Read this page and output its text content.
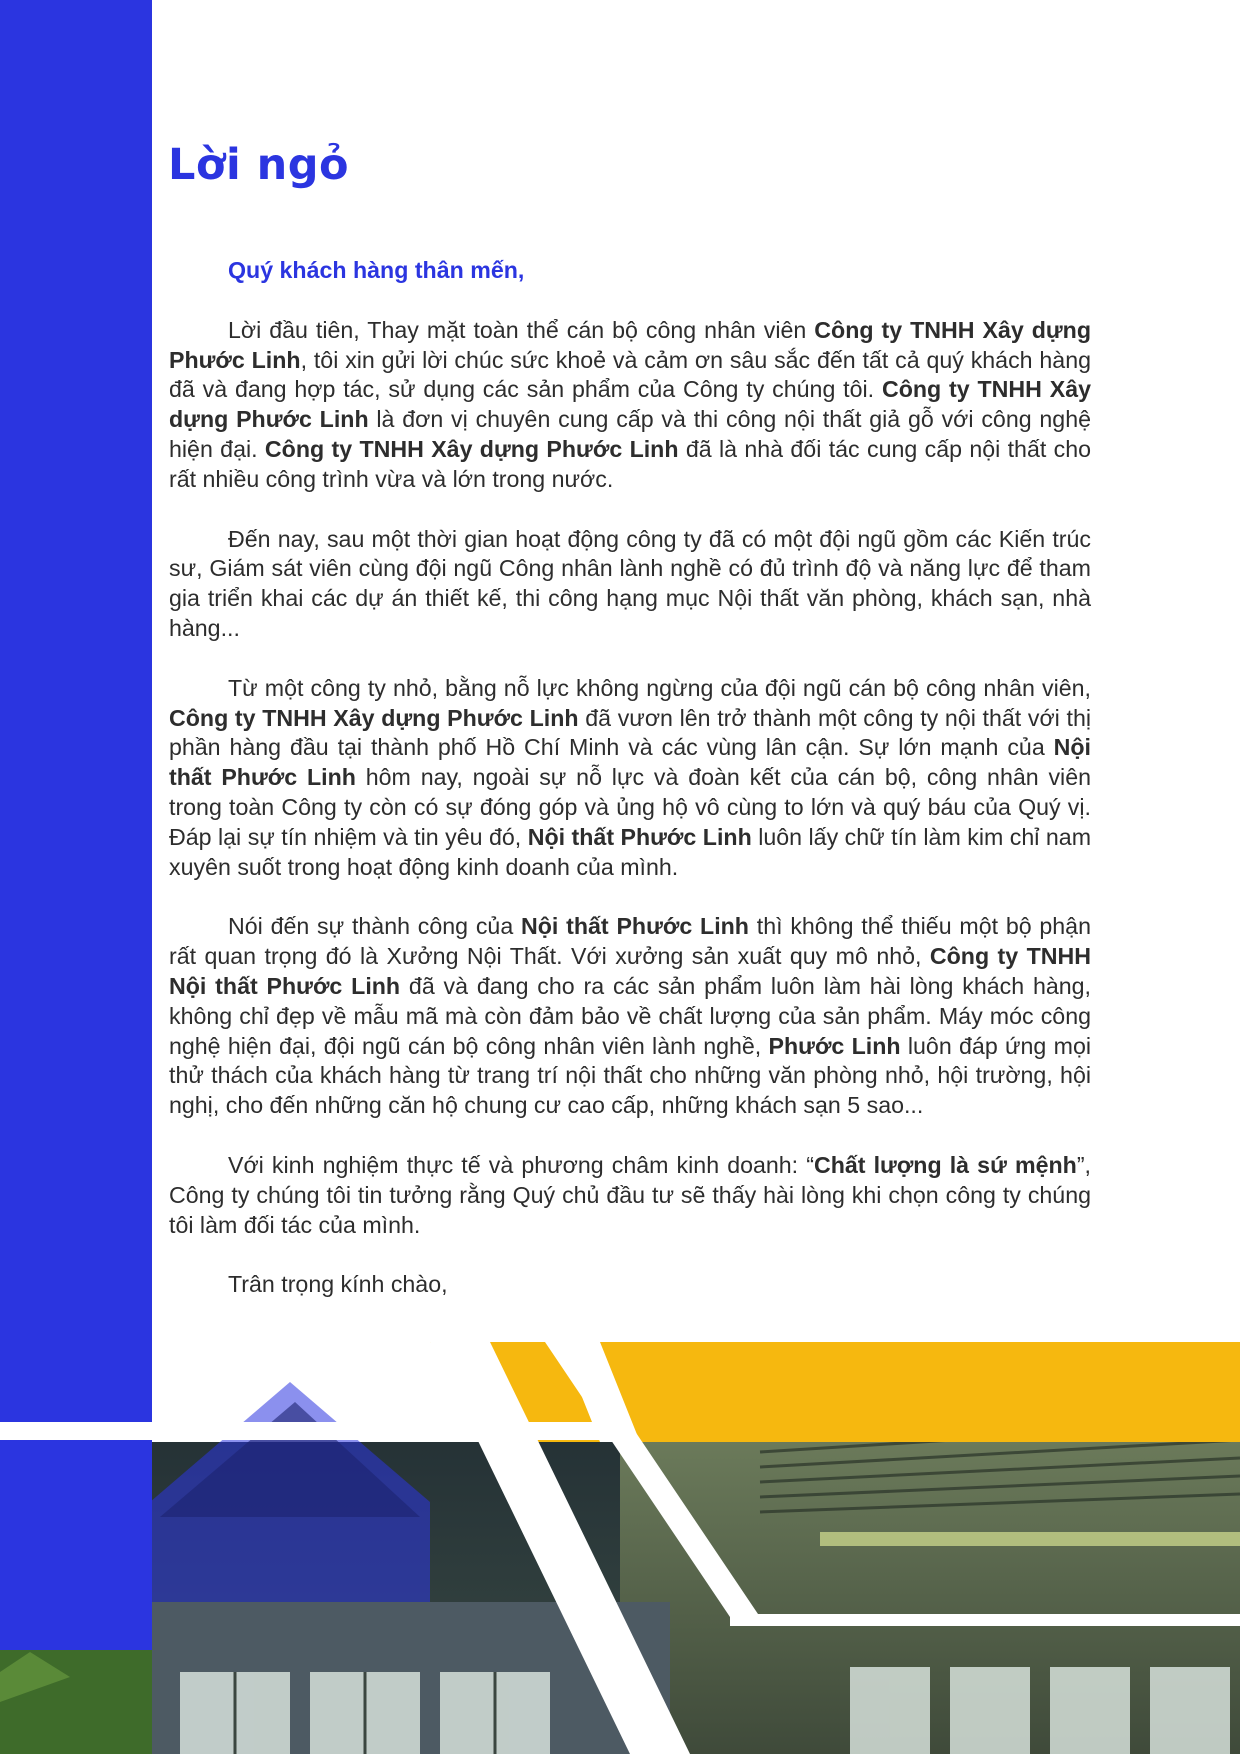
Lời ngỏ

Quý khách hàng thân mến,

Lời đầu tiên, Thay mặt toàn thể cán bộ công nhân viên Công ty TNHH Xây dựng Phước Linh, tôi xin gửi lời chúc sức khoẻ và cảm ơn sâu sắc đến tất cả quý khách hàng đã và đang hợp tác, sử dụng các sản phẩm của Công ty chúng tôi. Công ty TNHH Xây dựng Phước Linh là đơn vị chuyên cung cấp và thi công nội thất giả gỗ với công nghệ hiện đại. Công ty TNHH Xây dựng Phước Linh đã là nhà đối tác cung cấp nội thất cho rất nhiều công trình vừa và lớn trong nước.

Đến nay, sau một thời gian hoạt động công ty đã có một đội ngũ gồm các Kiến trúc sư, Giám sát viên cùng đội ngũ Công nhân lành nghề có đủ trình độ và năng lực để tham gia triển khai các dự án thiết kế, thi công hạng mục Nội thất văn phòng, khách sạn, nhà hàng...

Từ một công ty nhỏ, bằng nỗ lực không ngừng của đội ngũ cán bộ công nhân viên, Công ty TNHH Xây dựng Phước Linh đã vươn lên trở thành một công ty nội thất với thị phần hàng đầu tại thành phố Hồ Chí Minh và các vùng lân cận. Sự lớn mạnh của Nội thất Phước Linh hôm nay, ngoài sự nỗ lực và đoàn kết của cán bộ, công nhân viên trong toàn Công ty còn có sự đóng góp và ủng hộ vô cùng to lớn và quý báu của Quý vị. Đáp lại sự tín nhiệm và tin yêu đó, Nội thất Phước Linh luôn lấy chữ tín làm kim chỉ nam xuyên suốt trong hoạt động kinh doanh của mình.

Nói đến sự thành công của Nội thất Phước Linh thì không thể thiếu một bộ phận rất quan trọng đó là Xưởng Nội Thất. Với xưởng sản xuất quy mô nhỏ, Công ty TNHH Nội thất Phước Linh đã và đang cho ra các sản phẩm luôn làm hài lòng khách hàng, không chỉ đẹp về mẫu mã mà còn đảm bảo về chất lượng của sản phẩm. Máy móc công nghệ hiện đại, đội ngũ cán bộ công nhân viên lành nghề, Phước Linh luôn đáp ứng mọi thử thách của khách hàng từ trang trí nội thất cho những văn phòng nhỏ, hội trường, hội nghị, cho đến những căn hộ chung cư cao cấp, những khách sạn 5 sao...

Với kinh nghiệm thực tế và phương châm kinh doanh: “Chất lượng là sứ mệnh”, Công ty chúng tôi tin tưởng rằng Quý chủ đầu tư sẽ thấy hài lòng khi chọn công ty chúng tôi làm đối tác của mình.

Trân trọng kính chào,
